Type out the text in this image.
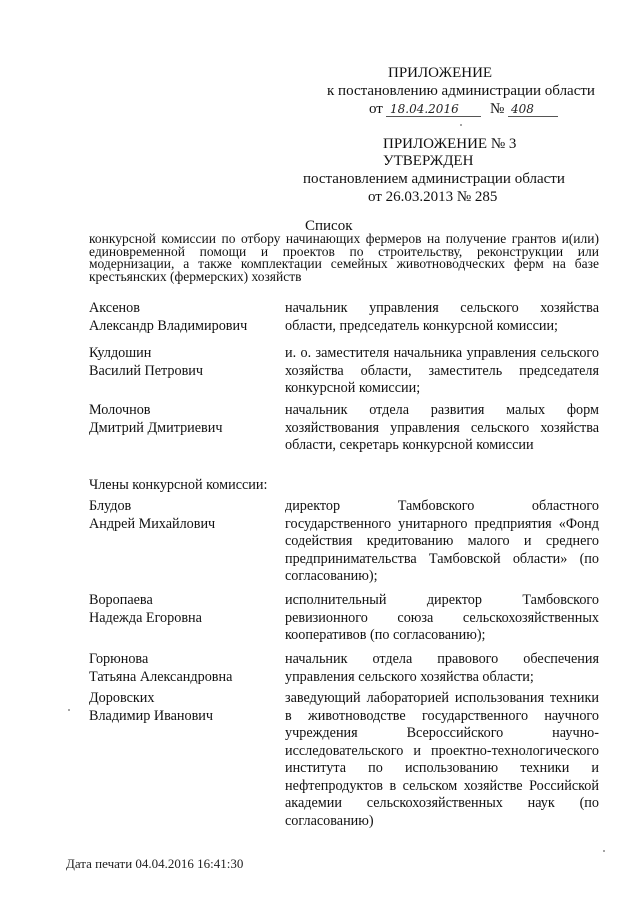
ПРИЛОЖЕНИЕ
к постановлению администрации области
от 18.04.2016 № 408
ПРИЛОЖЕНИЕ № 3
УТВЕРЖДЕН
постановлением администрации области
от 26.03.2013 № 285
Список
конкурсной комиссии по отбору начинающих фермеров на получение грантов и(или) единовременной помощи и проектов по строительству, реконструкции или модернизации, а также комплектации семейных животноводческих ферм на базе крестьянских (фермерских) хозяйств
Аксенов
Александр Владимирович
начальник управления сельского хозяйства области, председатель конкурсной комиссии;
Кулдошин
Василий Петрович
и. о. заместителя начальника управления сельского хозяйства области, заместитель председателя конкурсной комиссии;
Молочнов
Дмитрий Дмитриевич
начальник отдела развития малых форм хозяйствования управления сельского хозяйства области, секретарь конкурсной комиссии
Члены конкурсной комиссии:
Блудов
Андрей Михайлович
директор Тамбовского областного государственного унитарного предприятия «Фонд содействия кредитованию малого и среднего предпринимательства Тамбовской области» (по согласованию);
Воропаева
Надежда Егоровна
исполнительный директор Тамбовского ревизионного союза сельскохозяйственных кооперативов (по согласованию);
Горюнова
Татьяна Александровна
начальник отдела правового обеспечения управления сельского хозяйства области;
Доровских
Владимир Иванович
заведующий лабораторией использования техники в животноводстве государственного научного учреждения Всероссийского научно-исследовательского и проектно-технологического института по использованию техники и нефтепродуктов в сельском хозяйстве Российской академии сельскохозяйственных наук (по согласованию)
Дата печати 04.04.2016 16:41:30
